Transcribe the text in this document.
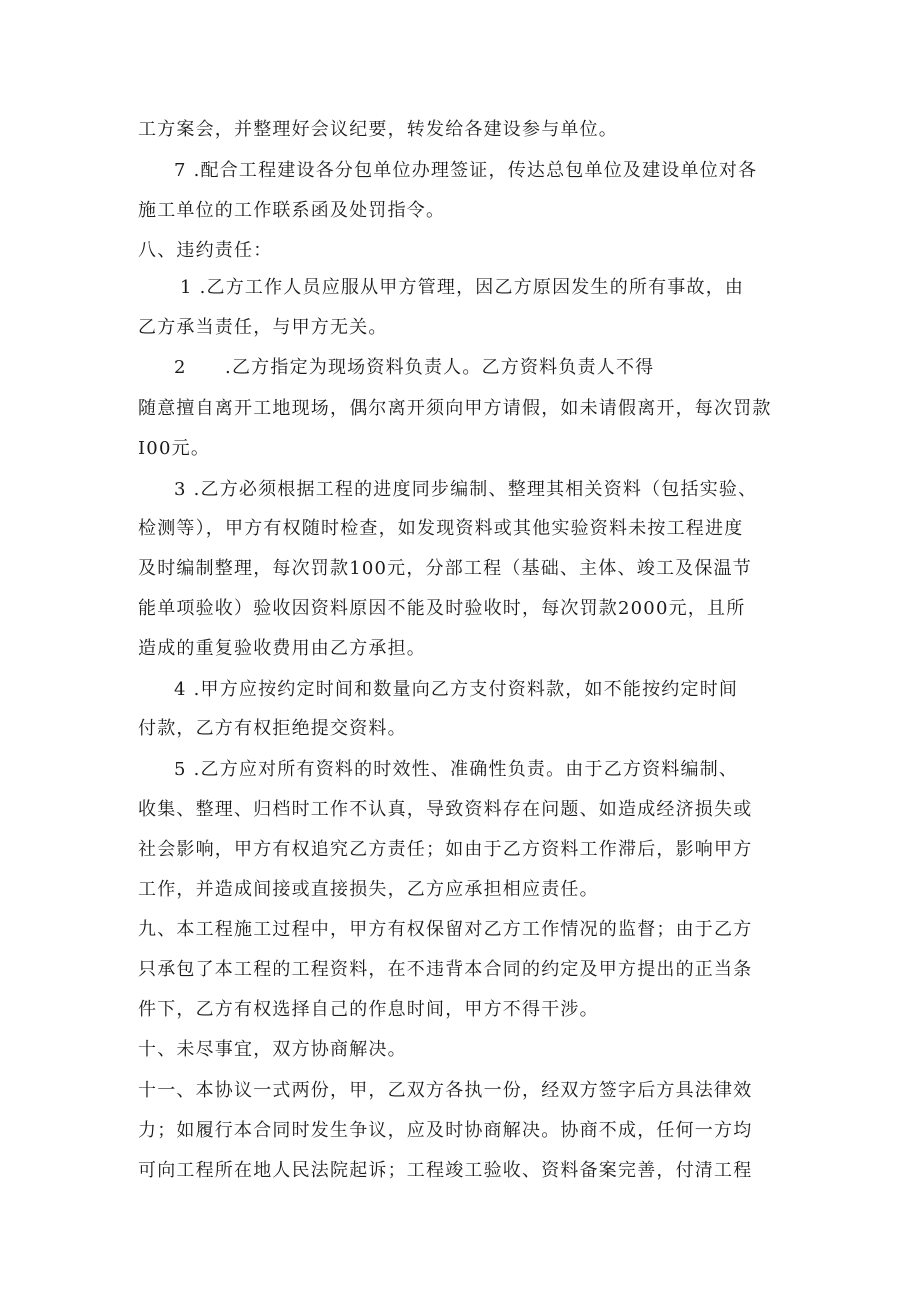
工方案会，并整理好会议纪要，转发给各建设参与单位。
7 .配合工程建设各分包单位办理签证，传达总包单位及建设单位对各
施工单位的工作联系函及处罚指令。
八、违约责任：
1 .乙方工作人员应服从甲方管理，因乙方原因发生的所有事故，由
乙方承当责任，与甲方无关。
2　　.乙方指定为现场资料负责人。乙方资料负责人不得
随意擅自离开工地现场，偶尔离开须向甲方请假，如未请假离开，每次罚款
I00元。
3 .乙方必须根据工程的进度同步编制、整理其相关资料（包括实验、
检测等），甲方有权随时检查，如发现资料或其他实验资料未按工程进度
及时编制整理，每次罚款100元，分部工程（基础、主体、竣工及保温节
能单项验收）验收因资料原因不能及时验收时，每次罚款2000元，且所
造成的重复验收费用由乙方承担。
4 .甲方应按约定时间和数量向乙方支付资料款，如不能按约定时间
付款，乙方有权拒绝提交资料。
5 .乙方应对所有资料的时效性、准确性负责。由于乙方资料编制、
收集、整理、归档时工作不认真，导致资料存在问题、如造成经济损失或
社会影响，甲方有权追究乙方责任；如由于乙方资料工作滞后，影响甲方
工作，并造成间接或直接损失，乙方应承担相应责任。
九、本工程施工过程中，甲方有权保留对乙方工作情况的监督；由于乙方
只承包了本工程的工程资料，在不违背本合同的约定及甲方提出的正当条
件下，乙方有权选择自己的作息时间，甲方不得干涉。
十、未尽事宜，双方协商解决。
十一、本协议一式两份，甲，乙双方各执一份，经双方签字后方具法律效
力；如履行本合同时发生争议，应及时协商解决。协商不成，任何一方均
可向工程所在地人民法院起诉；工程竣工验收、资料备案完善，付清工程
